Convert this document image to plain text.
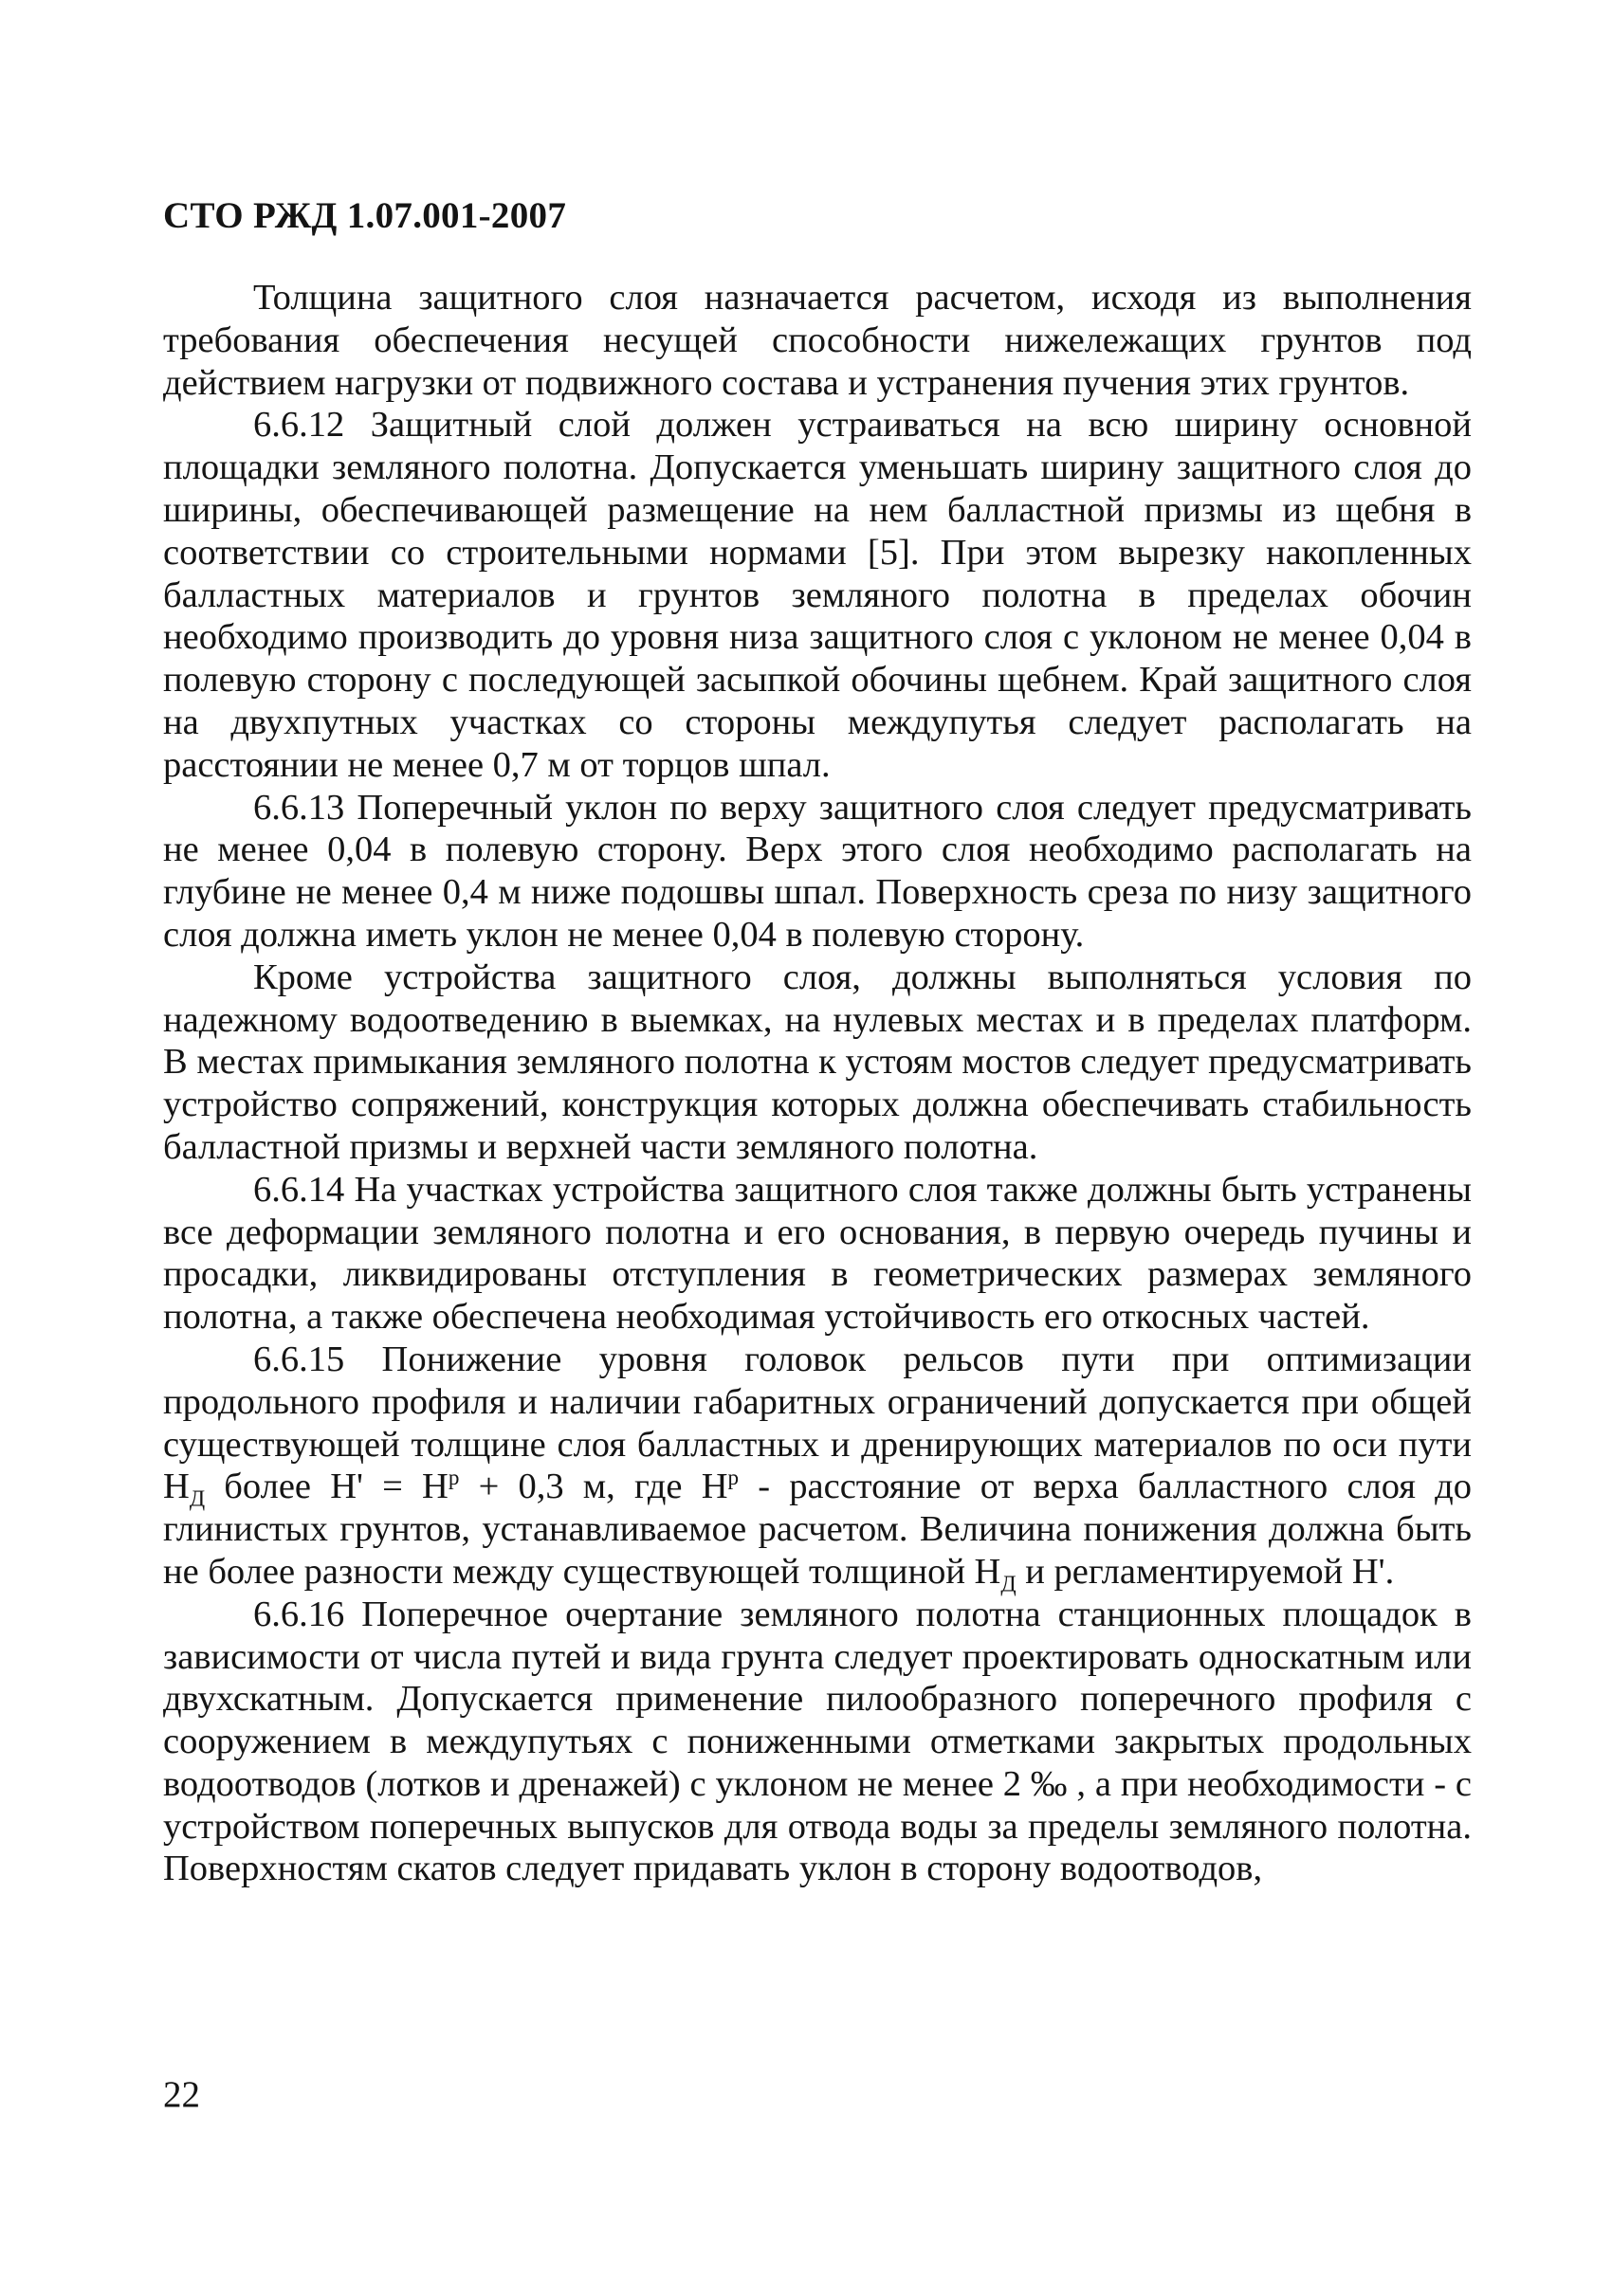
СТО РЖД 1.07.001-2007

Толщина защитного слоя назначается расчетом, исходя из выполнения требования обеспечения несущей способности нижележащих грунтов под действием нагрузки от подвижного состава и устранения пучения этих грунтов.

6.6.12 Защитный слой должен устраиваться на всю ширину основной площадки земляного полотна. Допускается уменьшать ширину защитного слоя до ширины, обеспечивающей размещение на нем балластной призмы из щебня в соответствии со строительными нормами [5]. При этом вырезку накопленных балластных материалов и грунтов земляного полотна в пределах обочин необходимо производить до уровня низа защитного слоя с уклоном не менее 0,04 в полевую сторону с последующей засыпкой обочины щебнем. Край защитного слоя на двухпутных участках со стороны междупутья следует располагать на расстоянии не менее 0,7 м от торцов шпал.

6.6.13 Поперечный уклон по верху защитного слоя следует предусматривать не менее 0,04 в полевую сторону. Верх этого слоя необходимо располагать на глубине не менее 0,4 м ниже подошвы шпал. Поверхность среза по низу защитного слоя должна иметь уклон не менее 0,04 в полевую сторону.

Кроме устройства защитного слоя, должны выполняться условия по надежному водоотведению в выемках, на нулевых местах и в пределах платформ. В местах примыкания земляного полотна к устоям мостов следует предусматривать устройство сопряжений, конструкция которых должна обеспечивать стабильность балластной призмы и верхней части земляного полотна.

6.6.14 На участках устройства защитного слоя также должны быть устранены все деформации земляного полотна и его основания, в первую очередь пучины и просадки, ликвидированы отступления в геометрических размерах земляного полотна, а также обеспечена необходимая устойчивость его откосных частей.

6.6.15 Понижение уровня головок рельсов пути при оптимизации продольного профиля и наличии габаритных ограничений допускается при общей существующей толщине слоя балластных и дренирующих материалов по оси пути $Н_Д$ более $Н' = Н^р + 0,3$ м, где $Н^р$ - расстояние от верха балластного слоя до глинистых грунтов, устанавливаемое расчетом. Величина понижения должна быть не более разности между существующей толщиной $Н_Д$ и регламентируемой Н'.

6.6.16 Поперечное очертание земляного полотна станционных площадок в зависимости от числа путей и вида грунта следует проектировать односкатным или двухскатным. Допускается применение пилообразного поперечного профиля с сооружением в междупутьях с пониженными отметками закрытых продольных водоотводов (лотков и дренажей) с уклоном не менее 2 ‰ , а при необходимости - с устройством поперечных выпусков для отвода воды за пределы земляного полотна. Поверхностям скатов следует придавать уклон в сторону водоотводов,

22
